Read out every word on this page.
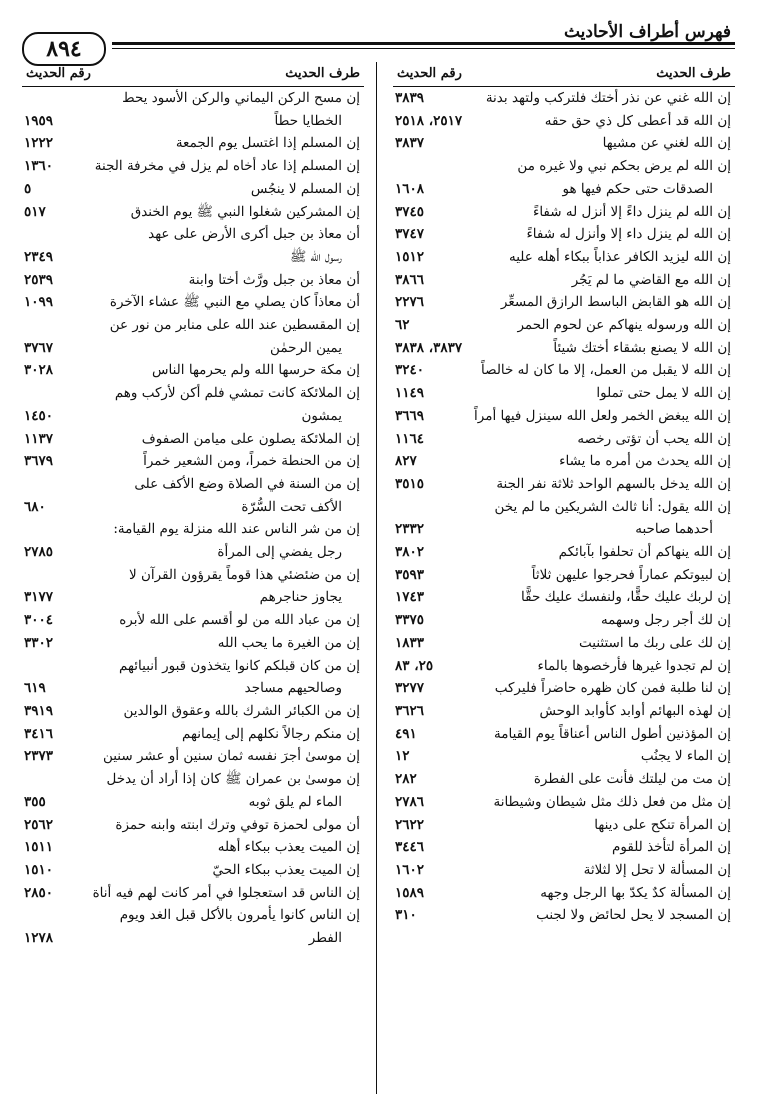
فهرس أطراف الأحاديث
٨٩٤
طرف الحديث
رقم الحديث
إن الله غني عن نذر أختك فلتركب ولتهد بدنة
٣٨٣٩
إن الله قد أعطى كل ذي حق حقه
٢٥١٧، ٢٥١٨
إن الله لغني عن مشيها
٣٨٣٧
إن الله لم يرض بحكم نبي ولا غيره من
الصدقات حتى حكم فيها هو
١٦٠٨
إن الله لم ينزل داءً إلا أنزل له شفاءً
٣٧٤٥
إن الله لم ينزل داء إلا وأنزل له شفاءً
٣٧٤٧
إن الله ليزيد الكافر عذاباً ببكاء أهله عليه
١٥١٢
إن الله مع القاضي ما لم يَجُر
٣٨٦٦
إن الله هو القابض الباسط الرازق المسعِّر
٢٢٧٦
إن الله ورسوله ينهاكم عن لحوم الحمر
٦٢
إن الله لا يصنع بشقاء أختك شيئاً
٣٨٣٧، ٣٨٣٨
إن الله لا يقبل من العمل، إلا ما كان له خالصاً
٣٢٤٠
إن الله لا يمل حتى تملوا
١١٤٩
إن الله يبغض الخمر ولعل الله سينزل فيها أمراً
٣٦٦٩
إن الله يحب أن تؤتى رخصه
١١٦٤
إن الله يحدث من أمره ما يشاء
٨٢٧
إن الله يدخل بالسهم الواحد ثلاثة نفر الجنة
٣٥١٥
إن الله يقول: أنا ثالث الشريكين ما لم يخن
أحدهما صاحبه
٢٣٣٢
إن الله ينهاكم أن تحلفوا بآبائكم
٣٨٠٢
إن لبيوتكم عماراً فحرجوا عليهن ثلاثاً
٣٥٩٣
إن لربك عليك حقًّا، ولنفسك عليك حقًّا
١٧٤٣
إن لك أجر رجل وسهمه
٣٣٧٥
إن لك على ربك ما استثنيت
١٨٣٣
إن لم تجدوا غيرها فأرخصوها بالماء
٢٥، ٨٣
إن لنا طلبة فمن كان ظهره حاضراً فليركب
٣٢٧٧
إن لهذه البهائم أوابد كأوابد الوحش
٣٦٢٦
إن المؤذنين أطول الناس أعناقاً يوم القيامة
٤٩١
إن الماء لا يجنُب
١٢
إن مت من ليلتك فأنت على الفطرة
٢٨٢
إن مثل من فعل ذلك مثل شيطان وشيطانة
٢٧٨٦
إن المرأة تنكح على دينها
٢٦٢٢
إن المرأة لتأخذ للقوم
٣٤٤٦
إن المسألة لا تحل إلا لثلاثة
١٦٠٢
إن المسألة كدٌ يكدّ بها الرجل وجهه
١٥٨٩
إن المسجد لا يحل لحائض ولا لجنب
٣١٠
طرف الحديث
رقم الحديث
إن مسح الركن اليماني والركن الأسود يحط
الخطايا حطاً
١٩٥٩
إن المسلم إذا اغتسل يوم الجمعة
١٢٢٢
إن المسلم إذا عاد أخاه لم يزل في مخرفة الجنة
١٣٦٠
إن المسلم لا ينجُس
٥
إن المشركين شغلوا النبي ﷺ يوم الخندق
٥١٧
أن معاذ بن جبل أكرى الأرض على عهد
رسول الله ﷺ
٢٣٤٩
أن معاذ بن جبل ورَّث أختا وابنة
٢٥٣٩
أن معاذاً كان يصلي مع النبي ﷺ عشاء الآخرة
١٠٩٩
إن المقسطين عند الله على منابر من نور عن
يمين الرحمٰن
٣٧٦٧
إن مكة حرسها الله ولم يحرمها الناس
٣٠٢٨
إن الملائكة كانت تمشي فلم أكن لأركب وهم
يمشون
١٤٥٠
إن الملائكة يصلون على ميامن الصفوف
١١٣٧
إن من الحنطة خمراً، ومن الشعير خمراً
٣٦٧٩
إن من السنة في الصلاة وضع الأكف على
الأكف تحت السُّرّة
٦٨٠
إن من شر الناس عند الله منزلة يوم القيامة:
رجل يفضي إلى المرأة
٢٧٨٥
إن من ضئضئي هذا قوماً يقرؤون القرآن لا
يجاوز حناجرهم
٣١٧٧
إن من عباد الله من لو أقسم على الله لأبره
٣٠٠٤
إن من الغيرة ما يحب الله
٣٣٠٢
إن من كان قبلكم كانوا يتخذون قبور أنبيائهم
وصالحيهم مساجد
٦١٩
إن من الكبائر الشرك بالله وعقوق الوالدين
٣٩١٩
إن منكم رجالاً نكلهم إلى إيمانهم
٣٤١٦
إن موسىٰ أجرَ نفسه ثمان سنين أو عشر سنين
٢٣٧٣
إن موسىٰ بن عمران ﷺ كان إذا أراد أن يدخل
الماء لم يلق ثوبه
٣٥٥
أن مولى لحمزة توفي وترك ابنته وابنه حمزة
٢٥٦٢
إن الميت يعذب ببكاء أهله
١٥١١
إن الميت يعذب ببكاء الحيّ
١٥١٠
إن الناس قد استعجلوا في أمر كانت لهم فيه أناة
٢٨٥٠
إن الناس كانوا يأمرون بالأكل قبل الغد ويوم
الفطر
١٢٧٨
